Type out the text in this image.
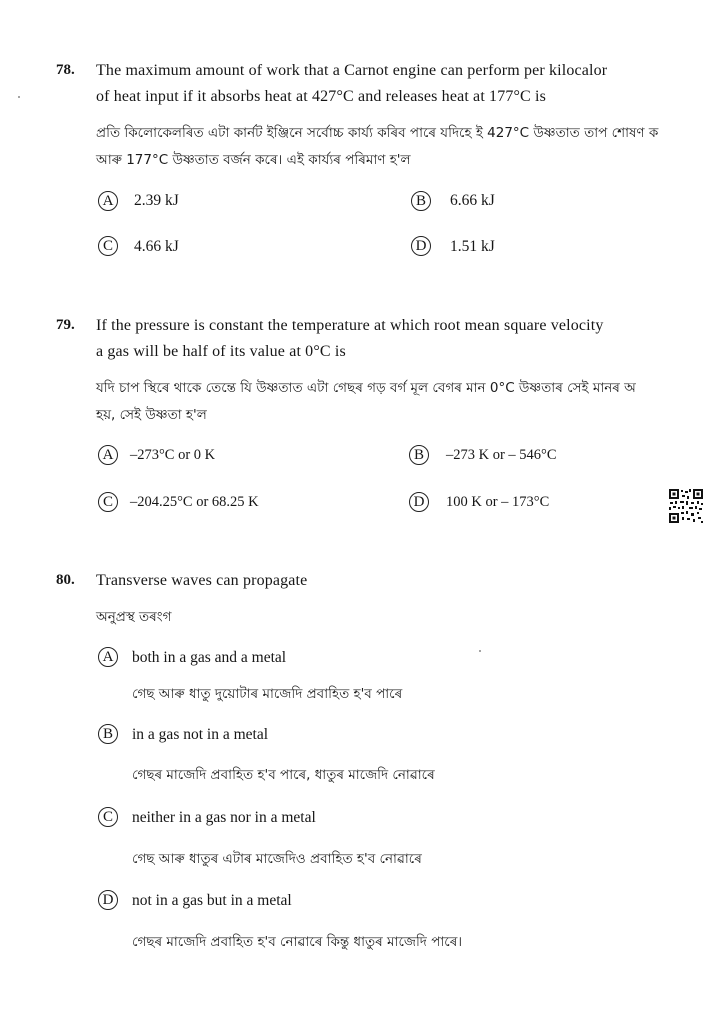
78. The maximum amount of work that a Carnot engine can perform per kilocalor
of heat input if it absorbs heat at 427°C and releases heat at 177°C is
প্ৰতি কিলোকেলৰিত এটা কাৰ্নট ইঞ্জিনে সৰ্বোচ্চ কাৰ্য্য কৰিব পাৰে যদিহে ই 427°C উষ্ণতাত তাপ শোষণ ক
আৰু 177°C উষ্ণতাত বৰ্জন কৰে। এই কাৰ্য্যৰ পৰিমাণ হ'ল
A 2.39 kJ	B	6.66 kJ
C	4.66 kJ	D 1.51 kJ
79. If the pressure is constant the temperature at which root mean square velocity
a gas will be half of its value at 0°C is
যদি চাপ স্থিৰে থাকে তেন্তে যি উষ্ণতাত এটা গেছৰ গড় বৰ্গ মূল বেগৰ মান 0°C উষ্ণতাৰ সেই মানৰ অ
হয়, সেই উষ্ণতা হ'ল
A	–273°C or 0 K	B	–273 K or – 546°C
C	–204.25°C or 68.25 K	D	100 K or – 173°C
80. Transverse waves can propagate
অনুপ্ৰস্থ তৰংগ
A both in a gas and a metal
গেছ আৰু ধাতু দুয়োটাৰ মাজেদি প্ৰবাহিত হ'ব পাৰে
B	in a gas not in a metal
গেছৰ মাজেদি প্ৰবাহিত হ'ব পাৰে, ধাতুৰ মাজেদি নোৱাৰে
C	neither in a gas nor in a metal
গেছ আৰু ধাতুৰ এটাৰ মাজেদিও প্ৰবাহিত হ'ব নোৱাৰে
D not in a gas but in a metal
গেছৰ মাজেদি প্ৰবাহিত হ'ব নোৱাৰে কিন্তু ধাতুৰ মাজেদি পাৰে।
